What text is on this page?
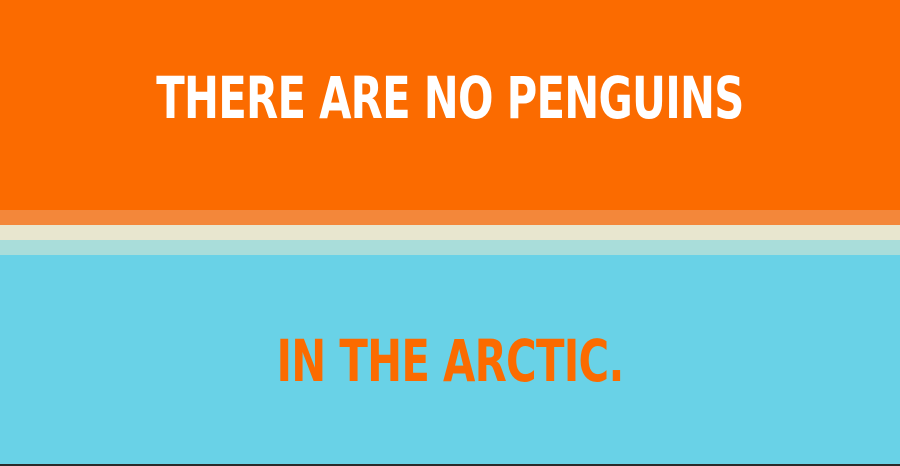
THERE ARE NO PENGUINS
IN THE ARCTIC.
